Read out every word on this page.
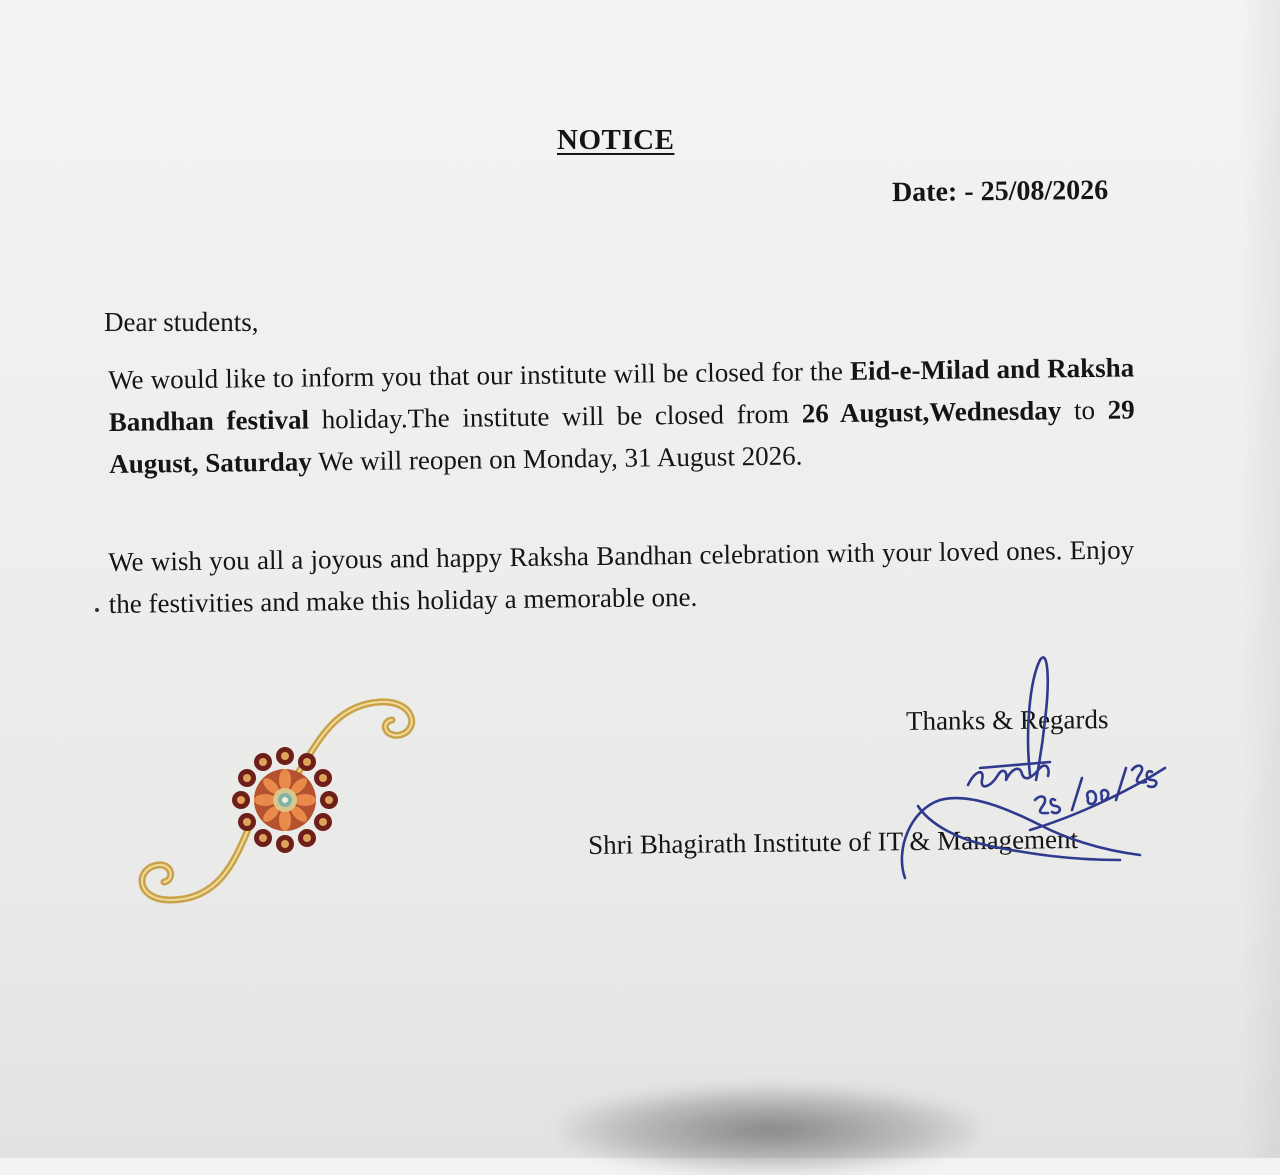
NOTICE
Date: - 25/08/2026
Dear students,
We would like to inform you that our institute will be closed for the Eid-e-Milad and Raksha Bandhan festival holiday.The institute will be closed from 26 August,Wednesday to 29 August, Saturday We will reopen on Monday, 31 August 2026.
We wish you all a joyous and happy Raksha Bandhan celebration with your loved ones. Enjoy the festivities and make this holiday a memorable one.
Thanks & Regards
Shri Bhagirath Institute of IT & Management
